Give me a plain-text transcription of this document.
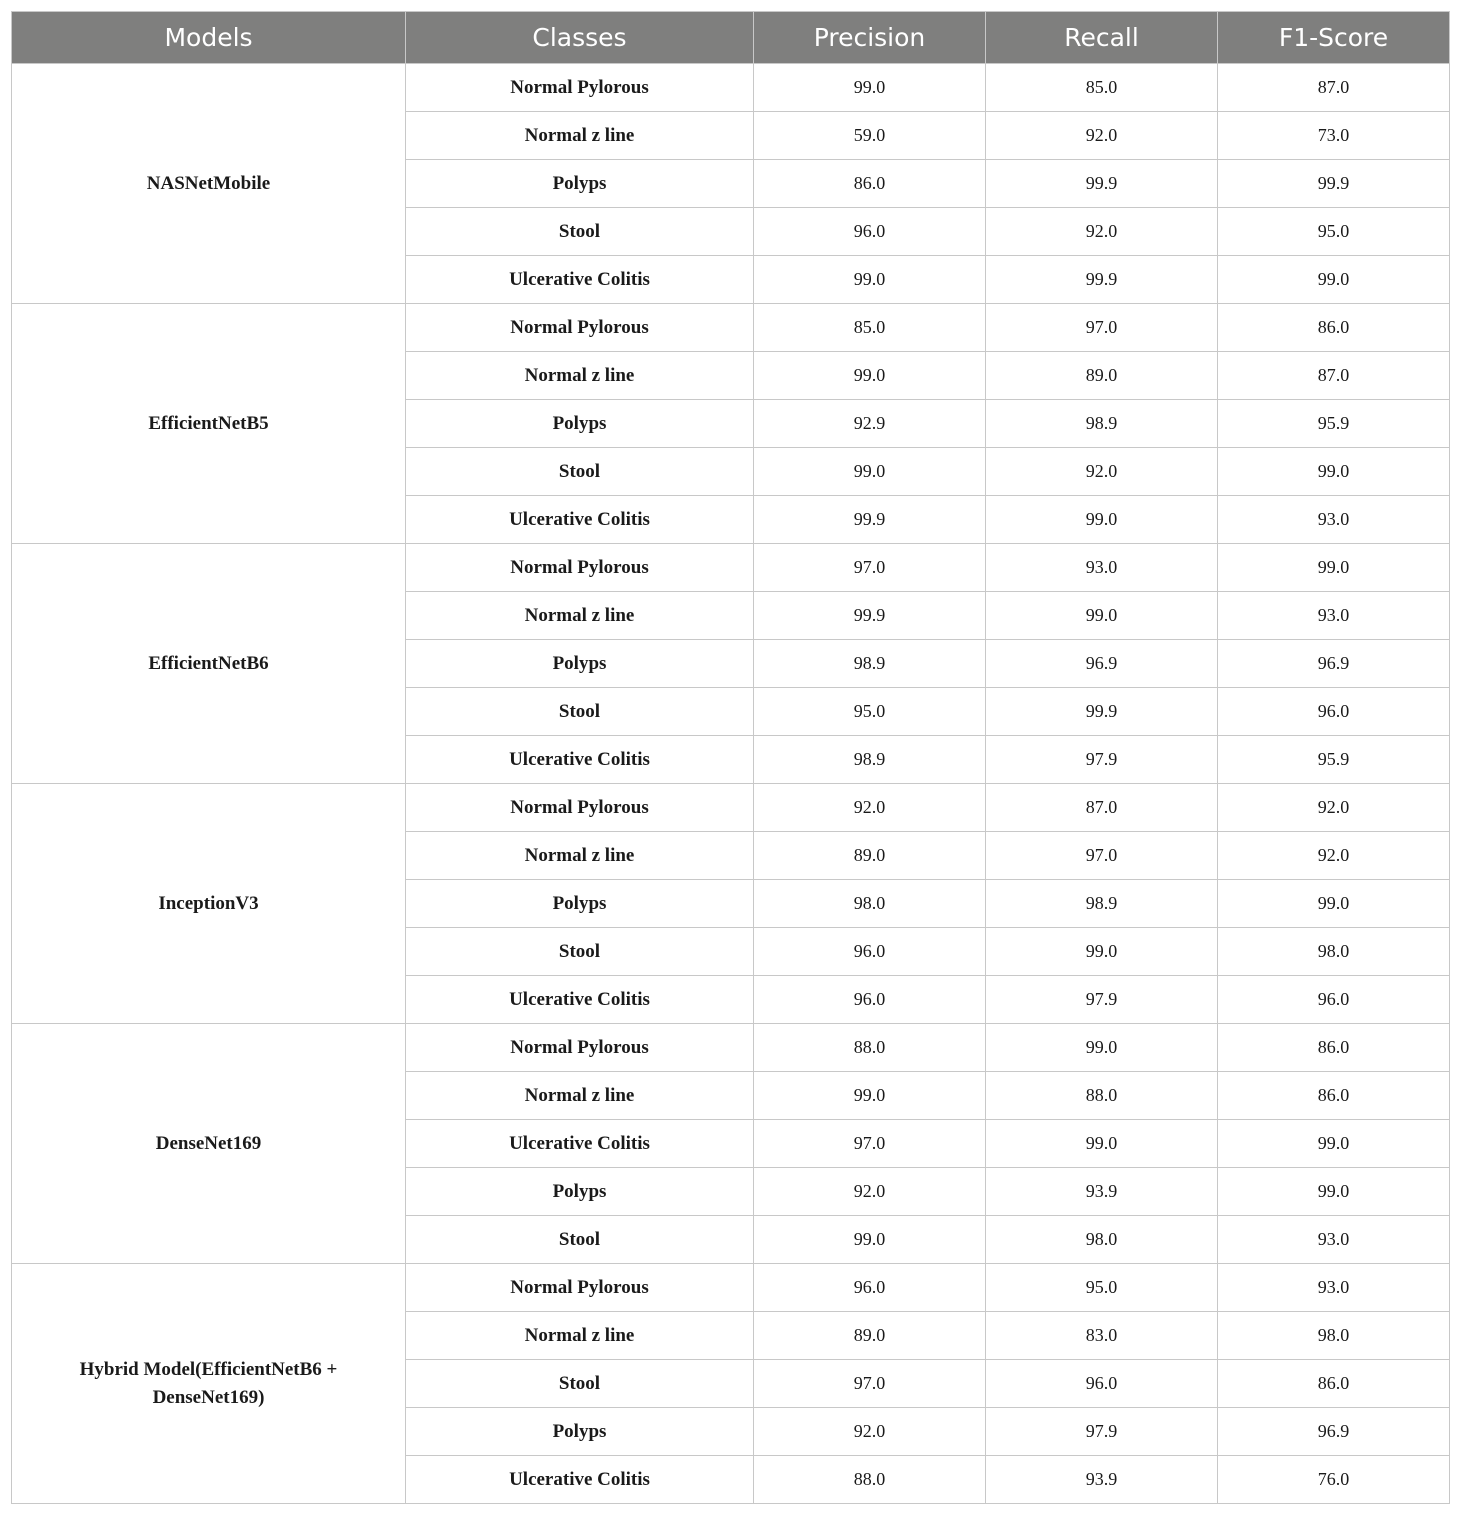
Models	Classes	Precision	Recall	F1-Score
NASNetMobile	Normal Pylorous	99.0	85.0	87.0
	Normal z line	59.0	92.0	73.0
	Polyps	86.0	99.9	99.9
	Stool	96.0	92.0	95.0
	Ulcerative Colitis	99.0	99.9	99.0
EfficientNetB5	Normal Pylorous	85.0	97.0	86.0
	Normal z line	99.0	89.0	87.0
	Polyps	92.9	98.9	95.9
	Stool	99.0	92.0	99.0
	Ulcerative Colitis	99.9	99.0	93.0
EfficientNetB6	Normal Pylorous	97.0	93.0	99.0
	Normal z line	99.9	99.0	93.0
	Polyps	98.9	96.9	96.9
	Stool	95.0	99.9	96.0
	Ulcerative Colitis	98.9	97.9	95.9
InceptionV3	Normal Pylorous	92.0	87.0	92.0
	Normal z line	89.0	97.0	92.0
	Polyps	98.0	98.9	99.0
	Stool	96.0	99.0	98.0
	Ulcerative Colitis	96.0	97.9	96.0
DenseNet169	Normal Pylorous	88.0	99.0	86.0
	Normal z line	99.0	88.0	86.0
	Ulcerative Colitis	97.0	99.0	99.0
	Polyps	92.0	93.9	99.0
	Stool	99.0	98.0	93.0
Hybrid Model(EfficientNetB6 + DenseNet169)	Normal Pylorous	96.0	95.0	93.0
	Normal z line	89.0	83.0	98.0
	Stool	97.0	96.0	86.0
	Polyps	92.0	97.9	96.9
	Ulcerative Colitis	88.0	93.9	76.0
